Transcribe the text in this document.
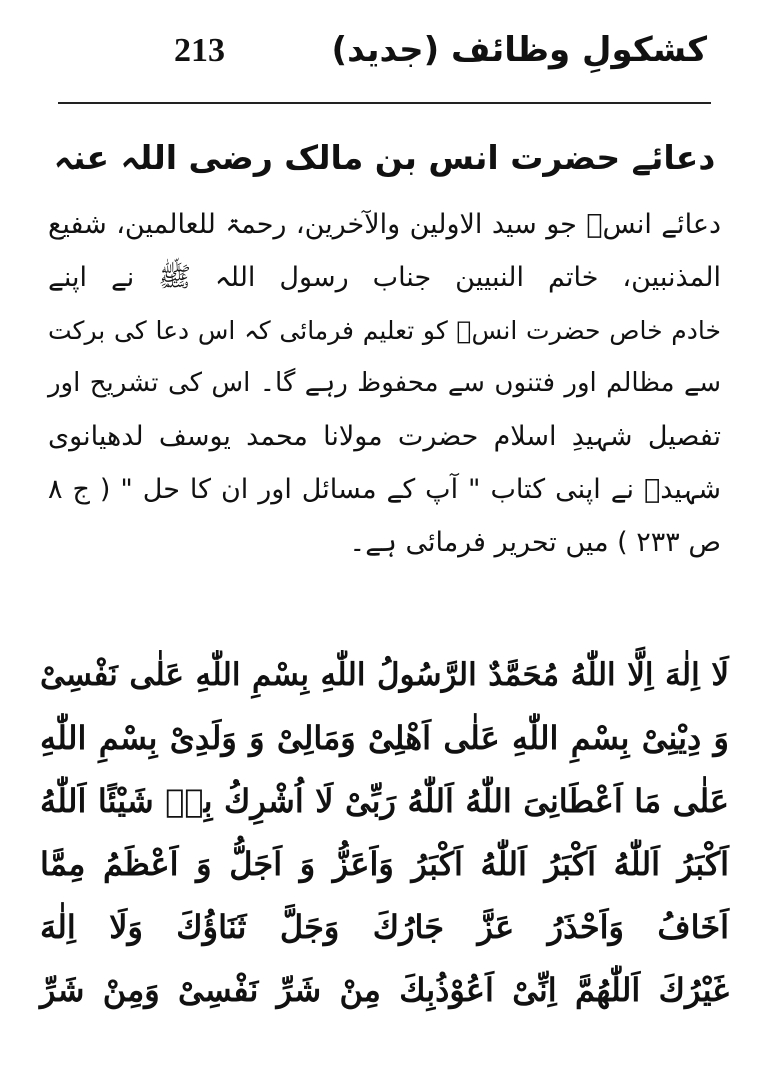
کشکولِ وظائف (جدید)
213
دعائے حضرت انس بن مالک رضی اللہ عنہ
دعائے انسؓ جو سید الاولین والآخرین، رحمۃ للعالمین، شفیع
المذنبین، خاتم النبیین جناب رسول اللہ ﷺ نے اپنے
خادم خاص حضرت انسؓ کو تعلیم فرمائی کہ اس دعا کی برکت
سے مظالم اور فتنوں سے محفوظ رہے گا۔ اس کی تشریح اور
تفصیل شہیدِ اسلام حضرت مولانا محمد یوسف لدھیانوی
شہیدؒ نے اپنی کتاب " آپ کے مسائل اور ان کا حل " ( ج ۸
ص ۲۳۳ ) میں تحریر فرمائی ہے۔
لَا اِلٰهَ اِلَّا اللّٰهُ مُحَمَّدٌ الرَّسُولُ اللّٰهِ بِسْمِ اللّٰهِ عَلٰى نَفْسِىْ
وَ دِيْنِىْ بِسْمِ اللّٰهِ عَلٰى اَهْلِىْ وَمَالِىْ وَ وَلَدِىْ بِسْمِ اللّٰهِ
عَلٰى مَا اَعْطَانِىَ اللّٰهُ اَللّٰهُ رَبِّىْ لَا اُشْرِكُ بِهٖ شَيْئًا اَللّٰهُ
اَكْبَرُ اَللّٰهُ اَكْبَرُ اَللّٰهُ اَكْبَرُ وَاَعَزُّ وَ اَجَلُّ وَ اَعْظَمُ مِمَّا
اَخَافُ وَاَحْذَرُ عَزَّ جَارُكَ وَجَلَّ ثَنَاؤُكَ وَلَا اِلٰهَ
غَيْرُكَ اَللّٰهُمَّ اِنِّىْ اَعُوْذُبِكَ مِنْ شَرِّ نَفْسِىْ وَمِنْ شَرِّ
